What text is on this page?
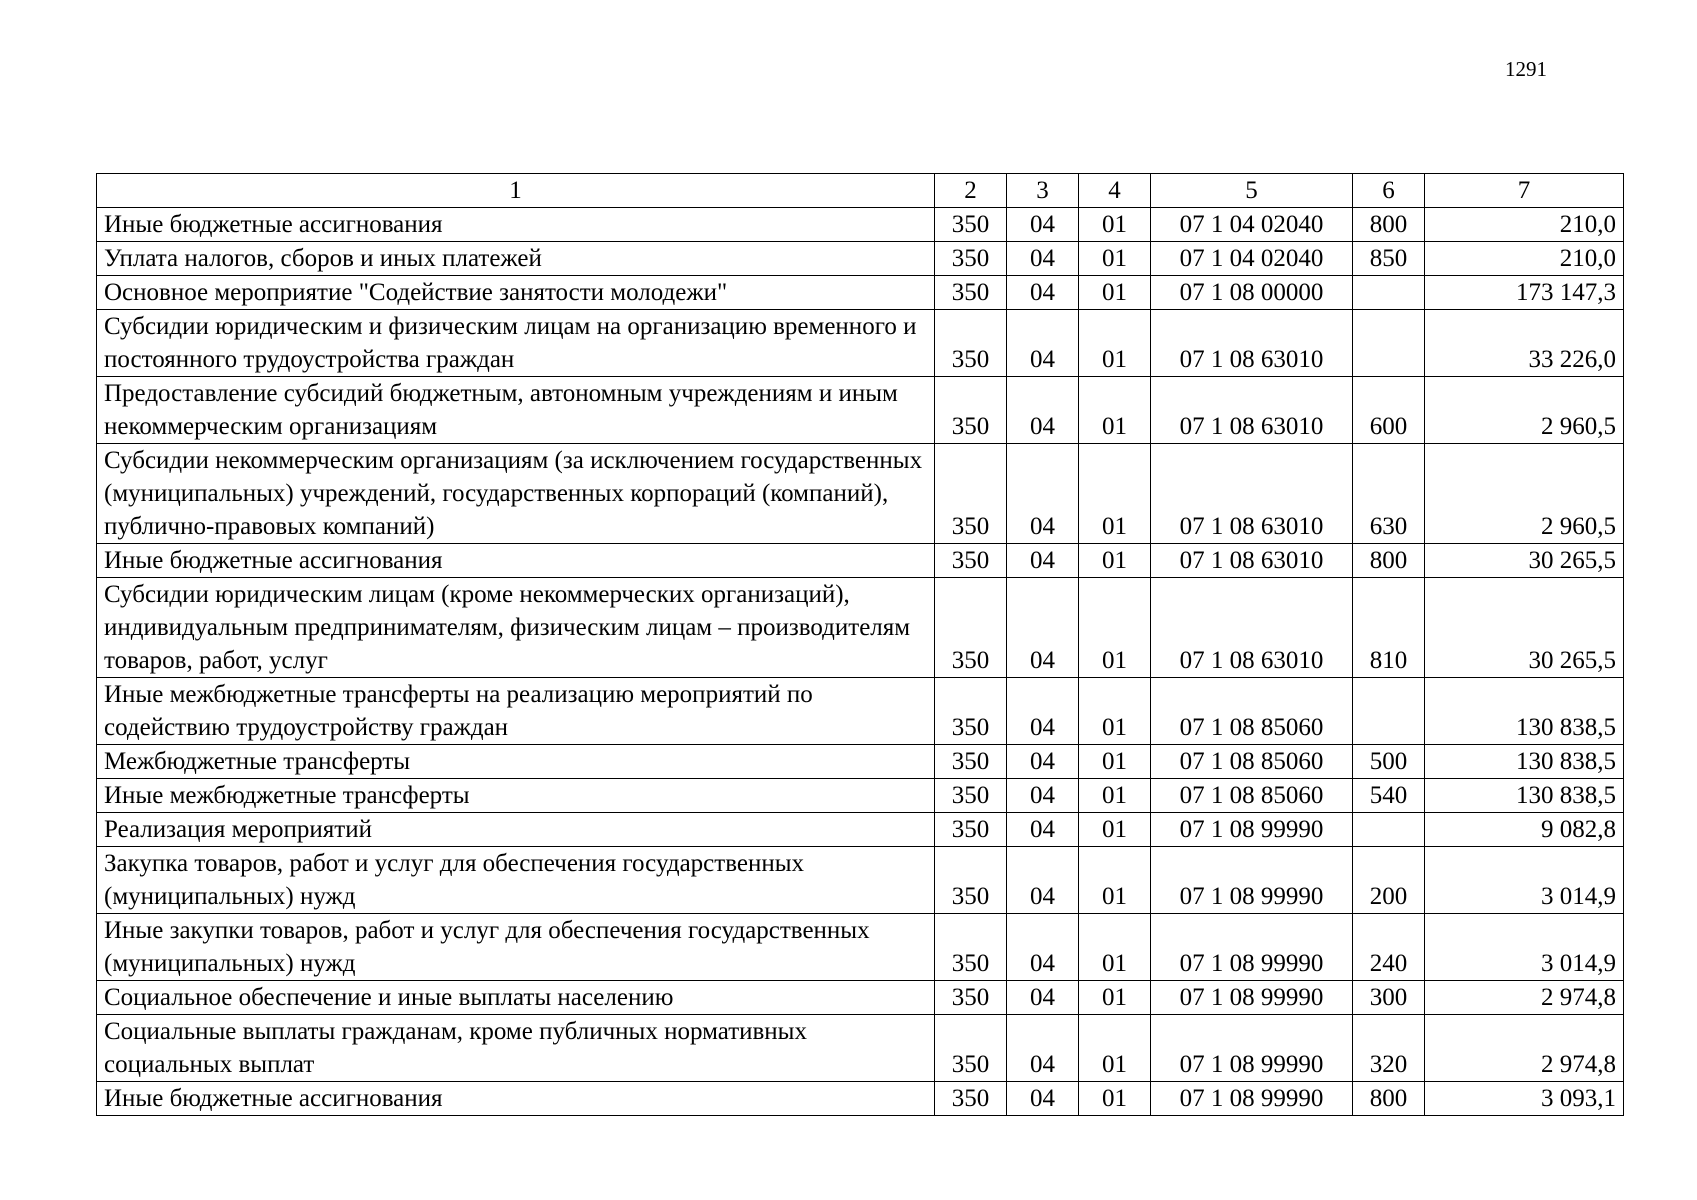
1291
1	2	3	4	5	6	7
Иные бюджетные ассигнования	350	04	01	07 1 04 02040	800	210,0
Уплата налогов, сборов и иных платежей	350	04	01	07 1 04 02040	850	210,0
Основное мероприятие "Содействие занятости молодежи"	350	04	01	07 1 08 00000		173 147,3
Субсидии юридическим и физическим лицам на организацию временного и постоянного трудоустройства граждан	350	04	01	07 1 08 63010		33 226,0
Предоставление субсидий бюджетным, автономным учреждениям и иным некоммерческим организациям	350	04	01	07 1 08 63010	600	2 960,5
Субсидии некоммерческим организациям (за исключением государственных (муниципальных) учреждений, государственных корпораций (компаний), публично-правовых компаний)	350	04	01	07 1 08 63010	630	2 960,5
Иные бюджетные ассигнования	350	04	01	07 1 08 63010	800	30 265,5
Субсидии юридическим лицам (кроме некоммерческих организаций), индивидуальным предпринимателям, физическим лицам – производителям товаров, работ, услуг	350	04	01	07 1 08 63010	810	30 265,5
Иные межбюджетные трансферты на реализацию мероприятий по содействию трудоустройству граждан	350	04	01	07 1 08 85060		130 838,5
Межбюджетные трансферты	350	04	01	07 1 08 85060	500	130 838,5
Иные межбюджетные трансферты	350	04	01	07 1 08 85060	540	130 838,5
Реализация мероприятий	350	04	01	07 1 08 99990		9 082,8
Закупка товаров, работ и услуг для обеспечения государственных (муниципальных) нужд	350	04	01	07 1 08 99990	200	3 014,9
Иные закупки товаров, работ и услуг для обеспечения государственных (муниципальных) нужд	350	04	01	07 1 08 99990	240	3 014,9
Социальное обеспечение и иные выплаты населению	350	04	01	07 1 08 99990	300	2 974,8
Социальные выплаты гражданам, кроме публичных нормативных социальных выплат	350	04	01	07 1 08 99990	320	2 974,8
Иные бюджетные ассигнования	350	04	01	07 1 08 99990	800	3 093,1
